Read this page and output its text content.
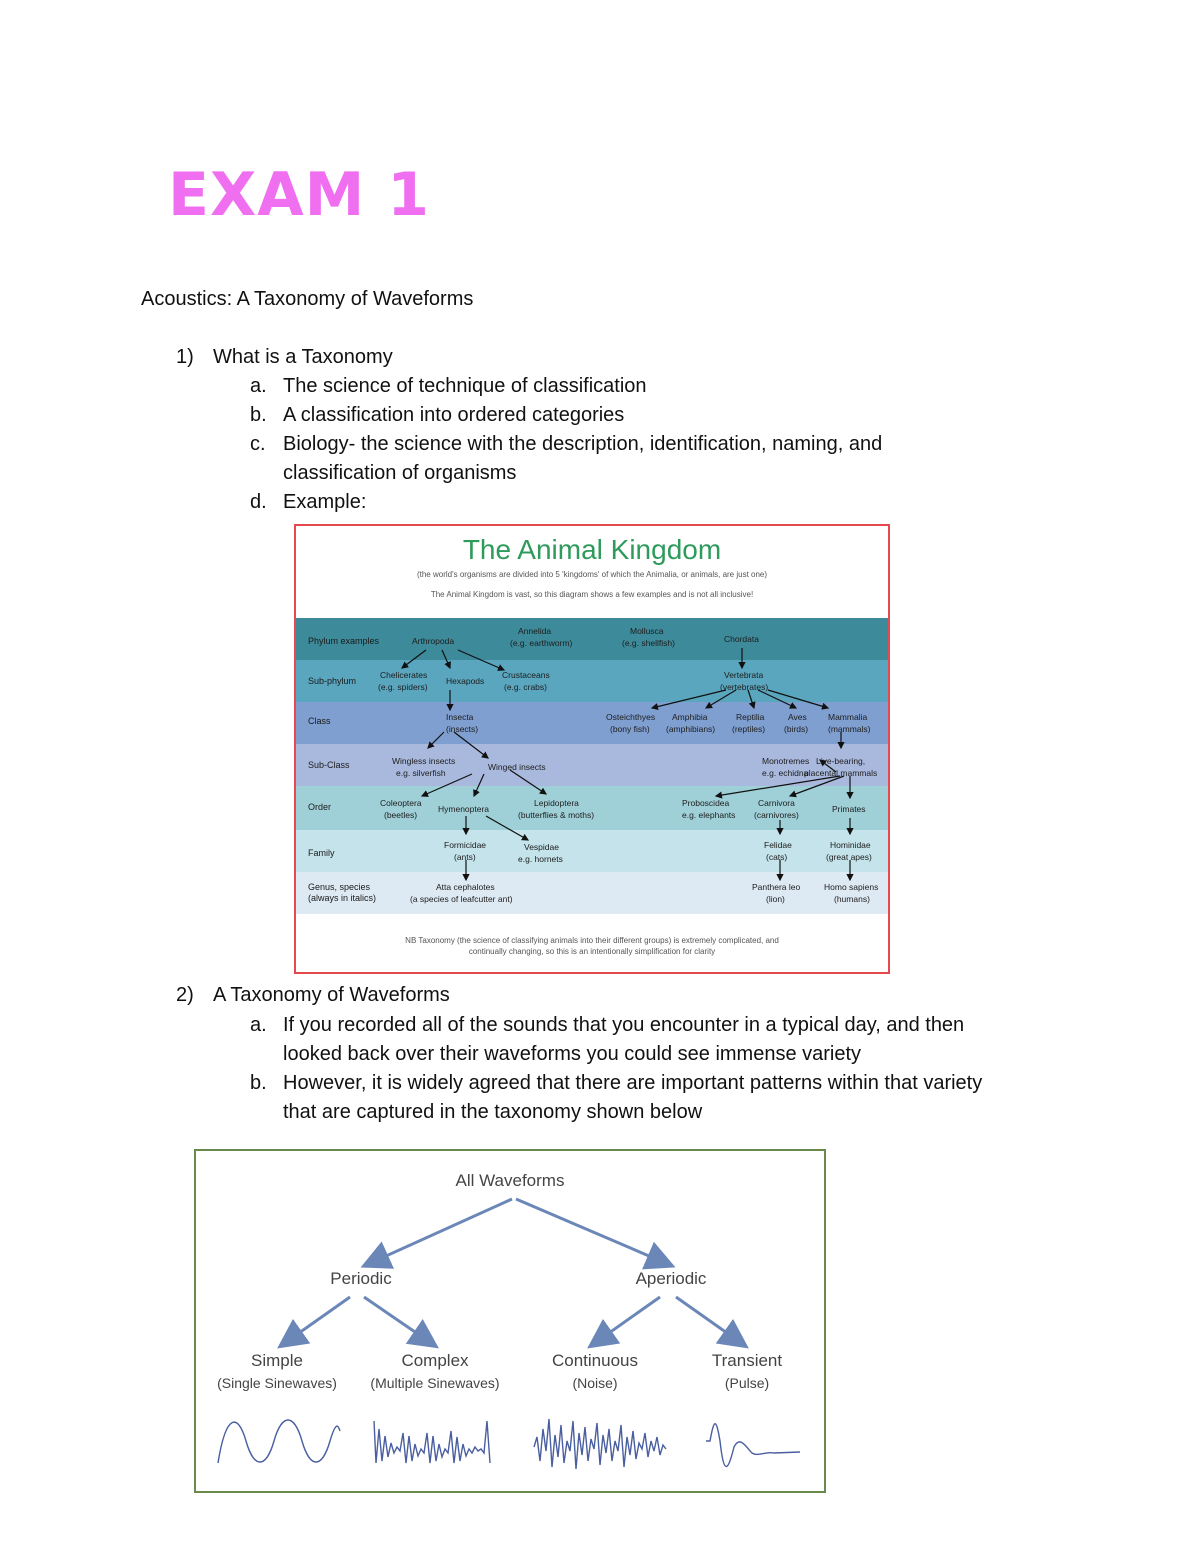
EXAM 1
Acoustics: A Taxonomy of Waveforms
1) What is a Taxonomy
a. The science of technique of classification
b. A classification into ordered categories
c. Biology- the science with the description, identification, naming, and
classification of organisms
d. Example:
The Animal Kingdom
(the world's organisms are divided into 5 'kingdoms' of which the Animalia, or animals, are just one)
The Animal Kingdom is vast, so this diagram shows a few examples and is not all inclusive!
Phylum examples
Sub-phylum
Class
Sub-Class
Order
Family
Genus, species
(always in italics)
Arthropoda
Annelida
(e.g. earthworm)
Mollusca
(e.g. shellfish)	Chordata
Chelicerates
(e.g. spiders)
Hexapods
Crustaceans
(e.g. crabs)
Vertebrata
(vertebrates)
Insecta
(insects)
Osteichthyes
(bony fish)
Amphibia
(amphibians)
Reptilia
(reptiles)
Aves
(birds)
Mammalia
(mammals)
Wingless insects
e.g. silverfish
Winged insects
Monotremes
e.g. echidna
Live-bearing,
placental mammals
Coleoptera
(beetles)
Hymenoptera
Lepidoptera
(butterflies & moths)
Proboscidea
e.g. elephants
Carnivora
(carnivores)
Primates
Formicidae
(ants)
Vespidae
e.g. hornets
Felidae
(cats)
Hominidae
(great apes)
Atta cephalotes
(a species of leafcutter ant)
Panthera leo
(lion)
Homo sapiens
(humans)
NB Taxonomy (the science of classifying animals into their different groups) is extremely complicated, and
continually changing, so this is an intentionally simplification for clarity
2) A Taxonomy of Waveforms
a. If you recorded all of the sounds that you encounter in a typical day, and then
looked back over their waveforms you could see immense variety
b. However, it is widely agreed that there are important patterns within that variety
that are captured in the taxonomy shown below
All Waveforms
Periodic	Aperiodic
Simple
(Single Sinewaves)
Complex
(Multiple Sinewaves)
Continuous
(Noise)
Transient
(Pulse)
